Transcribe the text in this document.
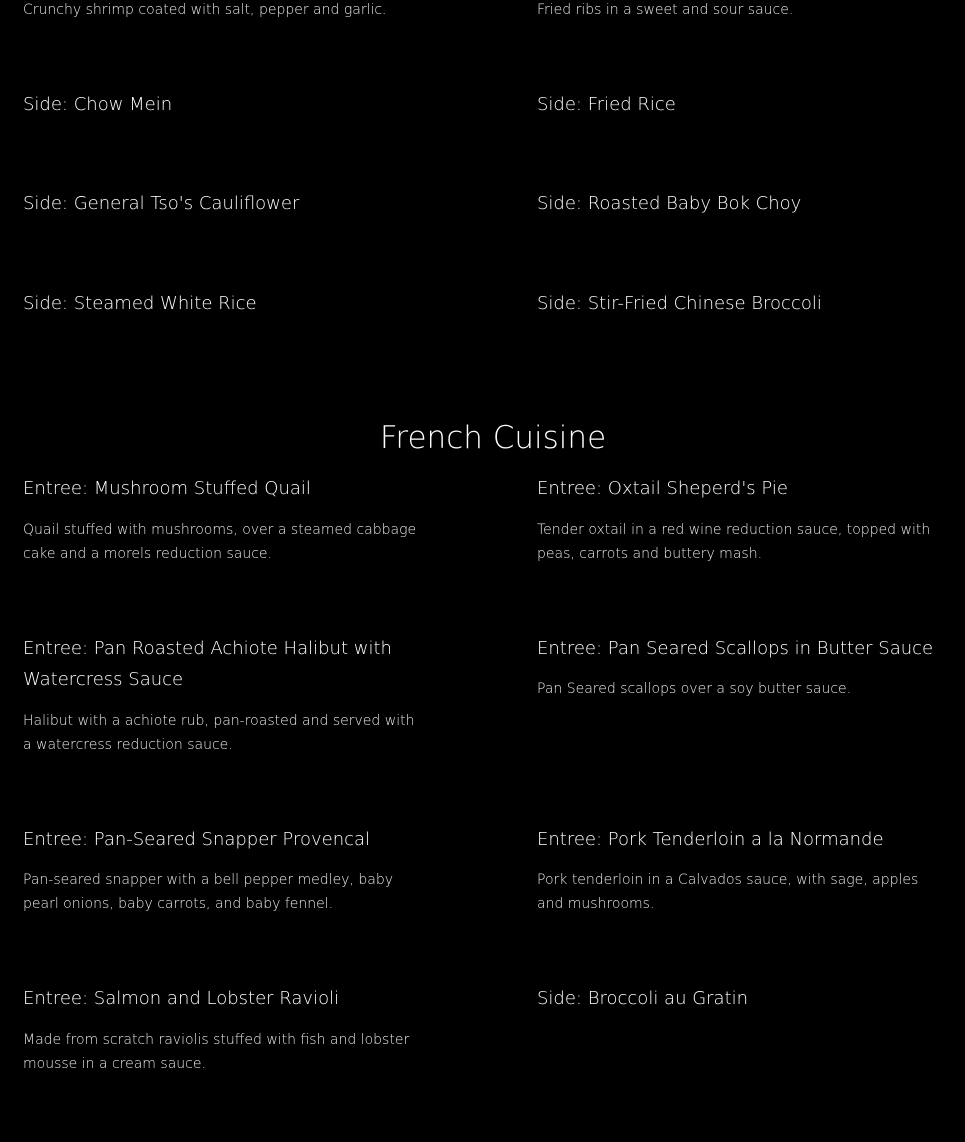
Crunchy shrimp coated with salt, pepper and garlic.	Fried ribs in a sweet and sour sauce.
Side: Chow Mein	Side: Fried Rice
Side: General Tso's Cauliflower	Side: Roasted Baby Bok Choy
Side: Steamed White Rice	Side: Stir-Fried Chinese Broccoli
French Cuisine
Entree: Mushroom Stuffed Quail
Quail stuffed with mushrooms, over a steamed cabbage cake and a morels reduction sauce.
Entree: Oxtail Sheperd's Pie
Tender oxtail in a red wine reduction sauce, topped with peas, carrots and buttery mash.
Entree: Pan Roasted Achiote Halibut with Watercress Sauce
Halibut with a achiote rub, pan-roasted and served with a watercress reduction sauce.
Entree: Pan Seared Scallops in Butter Sauce
Pan Seared scallops over a soy butter sauce.
Entree: Pan-Seared Snapper Provencal
Pan-seared snapper with a bell pepper medley, baby pearl onions, baby carrots, and baby fennel.
Entree: Pork Tenderloin a la Normande
Pork tenderloin in a Calvados sauce, with sage, apples and mushrooms.
Entree: Salmon and Lobster Ravioli
Made from scratch raviolis stuffed with fish and lobster mousse in a cream sauce.
Side: Broccoli au Gratin
